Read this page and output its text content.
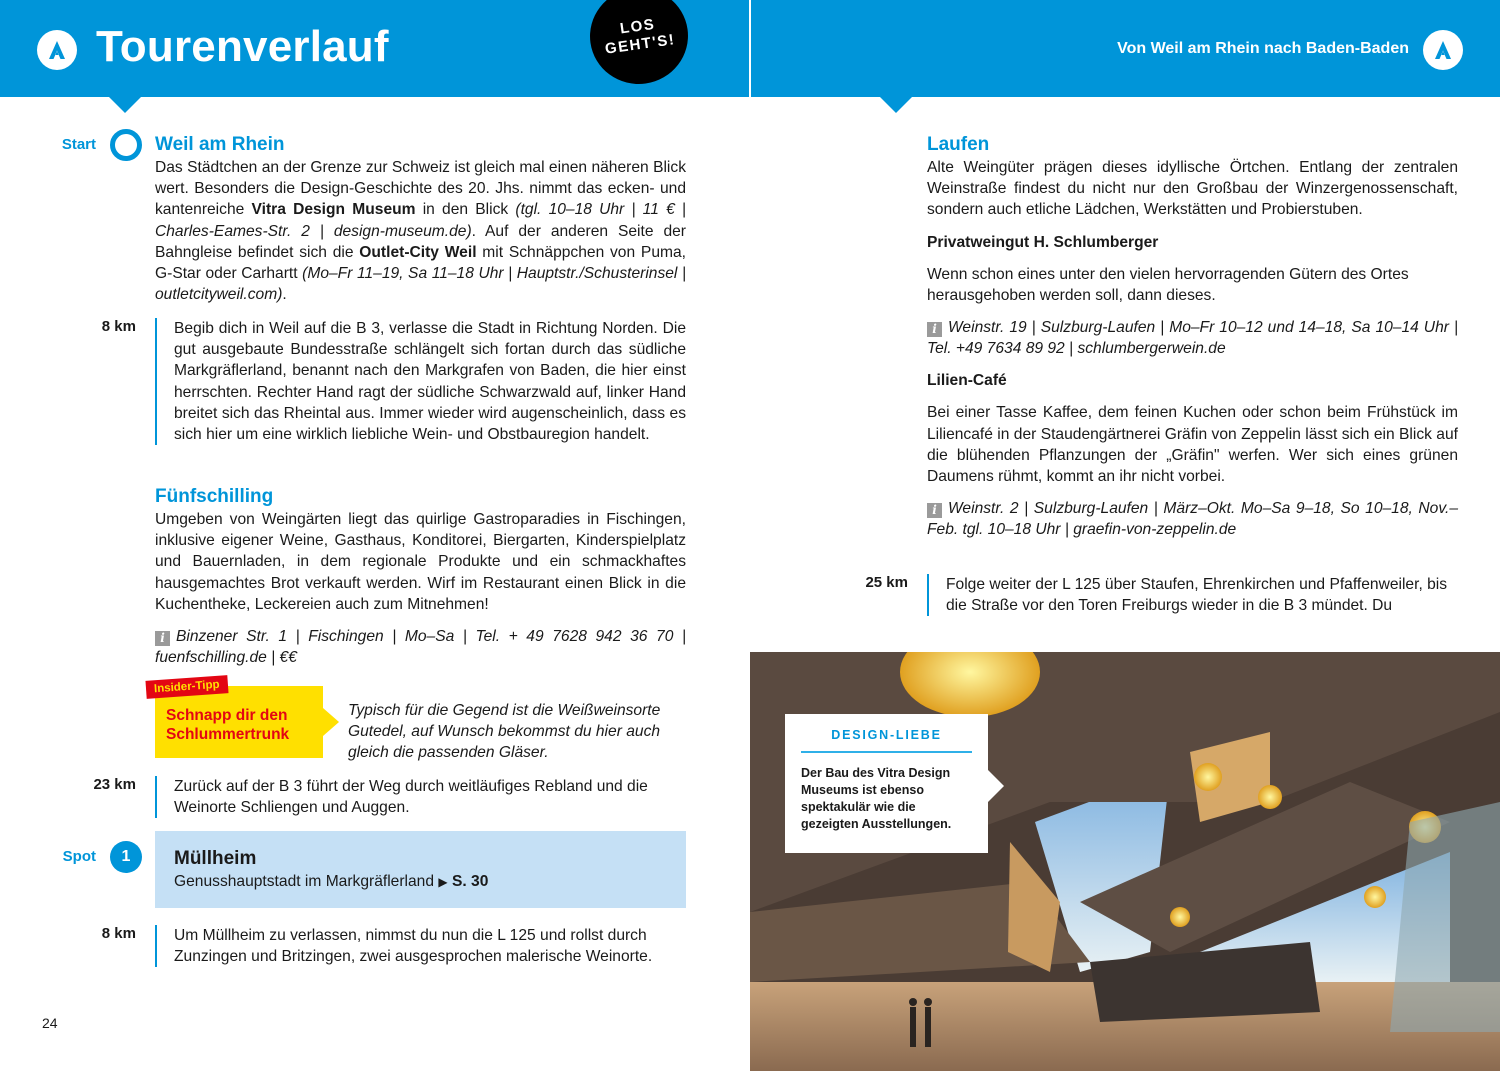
Tourenverlauf	LOS
GEHT'S!	Von Weil am Rhein nach Baden-Baden
Start	Weil am Rhein
Das Städtchen an der Grenze zur Schweiz ist gleich mal einen näheren Blick wert. Besonders die Design-Geschichte des 20. Jhs. nimmt das ecken- und kantenreiche Vitra Design Museum in den Blick (tgl. 10–18 Uhr | 11 € | Charles-Eames-Str. 2 | design-museum.de). Auf der anderen Seite der Bahngleise befindet sich die Outlet-City Weil mit Schnäppchen von Puma, G-Star oder Carhartt (Mo–Fr 11–19, Sa 11–18 Uhr | Hauptstr./Schusterinsel | outletcityweil.com).
8 km Begib dich in Weil auf die B 3, verlasse die Stadt in Richtung Norden. Die gut ausgebaute Bundesstraße schlängelt sich fortan durch das südliche Markgräflerland, benannt nach den Markgrafen von Baden, die hier einst herrschten. Rechter Hand ragt der südliche Schwarzwald auf, linker Hand breitet sich das Rheintal aus. Immer wieder wird augenscheinlich, dass es sich hier um eine wirklich liebliche Wein- und Obstbauregion handelt.
Fünfschilling
Umgeben von Weingärten liegt das quirlige Gastroparadies in Fischingen, inklusive eigener Weine, Gasthaus, Konditorei, Biergarten, Kinderspielplatz und Bauernladen, in dem regionale Produkte und ein schmackhaftes hausgemachtes Brot verkauft werden. Wirf im Restaurant einen Blick in die Kuchentheke, Leckereien auch zum Mitnehmen!
i Binzener Str. 1 | Fischingen | Mo–Sa | Tel. + 49 7628 942 36 70 | fuenfschilling.de | €€
Insider-Tipp
Schnapp dir den Schlummertrunk
Typisch für die Gegend ist die Weißweinsorte Gutedel, auf Wunsch bekommst du hier auch gleich die passenden Gläser.
23 km Zurück auf der B 3 führt der Weg durch weitläufiges Rebland und die Weinorte Schliengen und Auggen.
Spot	1	Müllheim
Genusshauptstadt im Markgräflerland ▶ S. 30
8 km Um Müllheim zu verlassen, nimmst du nun die L 125 und rollst durch Zunzingen und Britzingen, zwei ausgesprochen malerische Weinorte.
24
Laufen
Alte Weingüter prägen dieses idyllische Örtchen. Entlang der zentralen Weinstraße findest du nicht nur den Großbau der Winzergenossenschaft, sondern auch etliche Lädchen, Werkstätten und Probierstuben.
Privatweingut H. Schlumberger
Wenn schon eines unter den vielen hervorragenden Gütern des Ortes herausgehoben werden soll, dann dieses.
i Weinstr. 19 | Sulzburg-Laufen | Mo–Fr 10–12 und 14–18, Sa 10–14 Uhr | Tel. +49 7634 89 92 | schlumbergerwein.de
Lilien-Café
Bei einer Tasse Kaffee, dem feinen Kuchen oder schon beim Frühstück im Liliencafé in der Staudengärtnerei Gräfin von Zeppelin lässt sich ein Blick auf die blühenden Pflanzungen der „Gräfin" werfen. Wer sich eines grünen Daumens rühmt, kommt an ihr nicht vorbei.
i Weinstr. 2 | Sulzburg-Laufen | März–Okt. Mo–Sa 9–18, So 10–18, Nov.–Feb. tgl. 10–18 Uhr | graefin-von-zeppelin.de
25 km Folge weiter der L 125 über Staufen, Ehrenkirchen und Pfaffenweiler, bis die Straße vor den Toren Freiburgs wieder in die B 3 mündet. Du
DESIGN-LIEBE
Der Bau des Vitra Design Museums ist ebenso spektakulär wie die gezeigten Ausstellungen.
